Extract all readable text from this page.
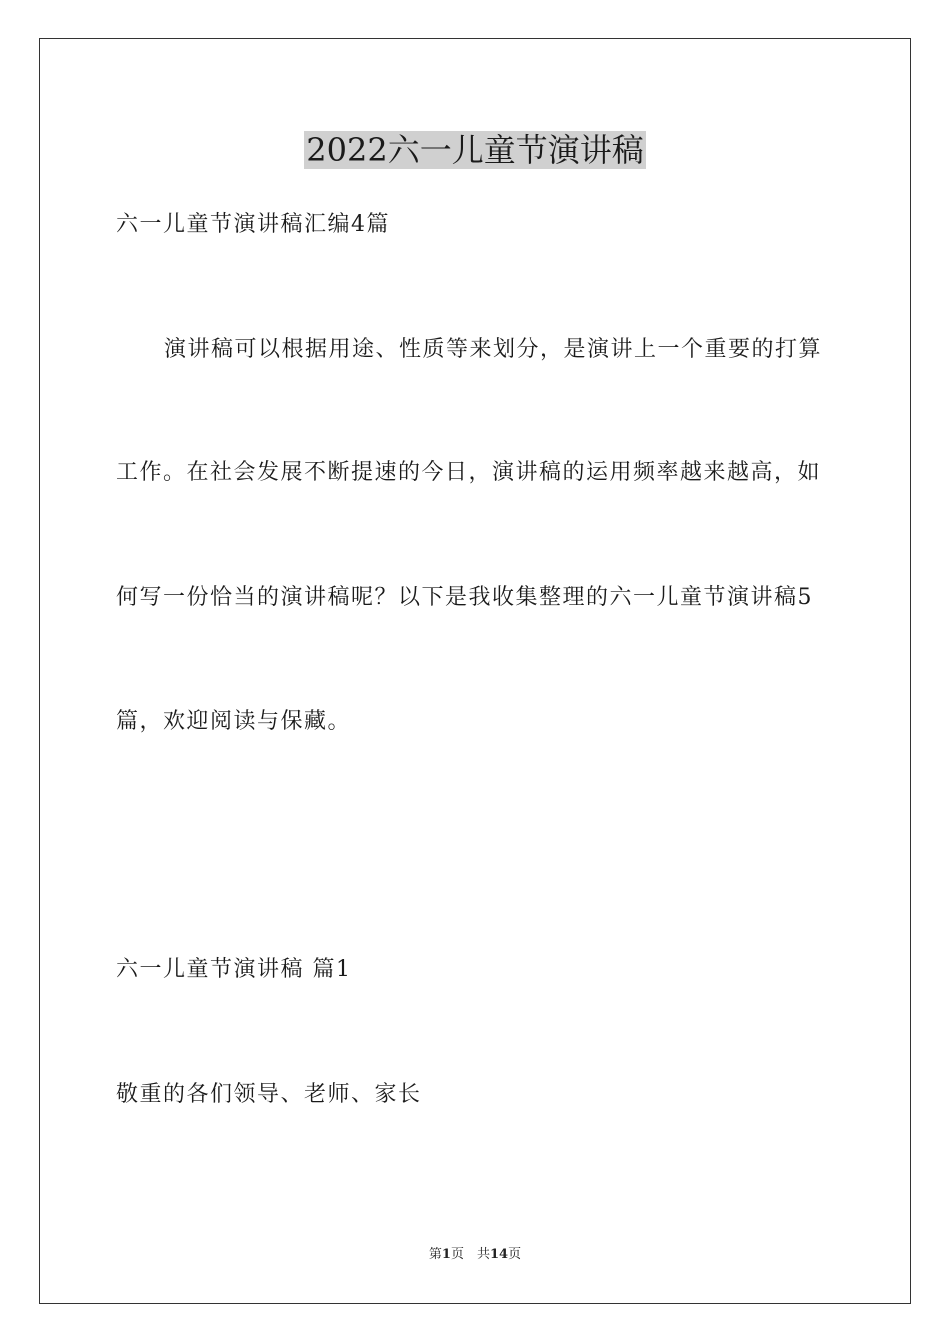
2022六一儿童节演讲稿
六一儿童节演讲稿汇编4篇
演讲稿可以根据用途、性质等来划分，是演讲上一个重要的打算
工作。在社会发展不断提速的今日，演讲稿的运用频率越来越高，如
何写一份恰当的演讲稿呢？以下是我收集整理的六一儿童节演讲稿5
篇，欢迎阅读与保藏。
六一儿童节演讲稿 篇1
敬重的各们领导、老师、家长
第1页　共14页
